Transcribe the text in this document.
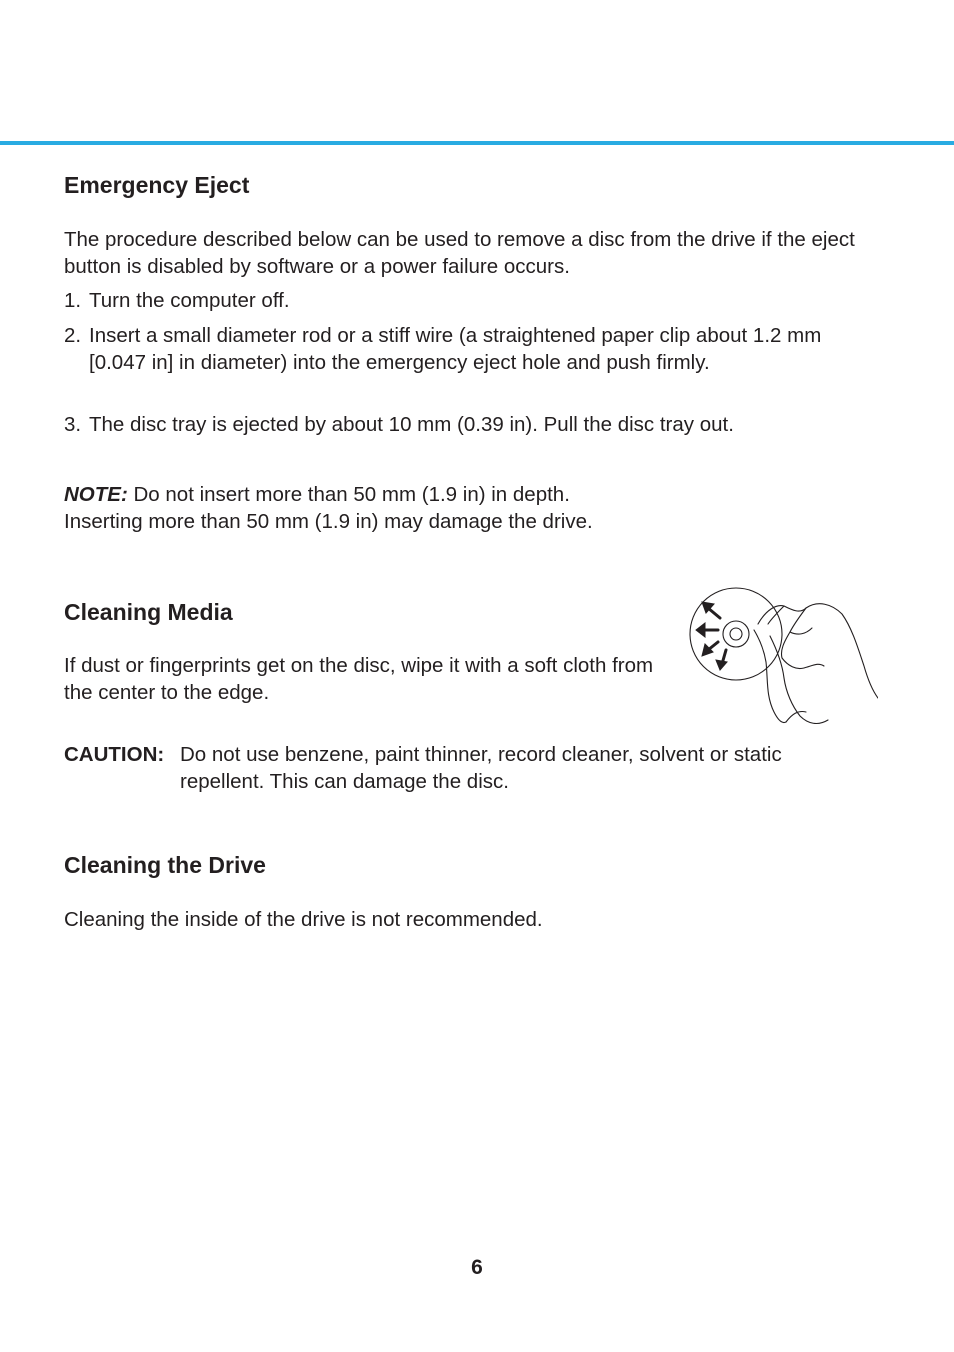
Emergency Eject

The procedure described below can be used to remove a disc from the drive if the eject button is disabled by software or a power failure occurs.

1. Turn the computer off.
2. Insert a small diameter rod or a stiff wire (a straightened paper clip about 1.2 mm [0.047 in] in diameter) into the emergency eject hole and push firmly.
3. The disc tray is ejected by about 10 mm (0.39 in). Pull the disc tray out.
NOTE: Do not insert more than 50 mm (1.9 in) in depth.
Inserting more than 50 mm (1.9 in) may damage the drive.
Cleaning Media

If dust or fingerprints get on the disc, wipe it with a soft cloth from the center to the edge.

CAUTION: Do not use benzene, paint thinner, record cleaner, solvent or static repellent. This can damage the disc.
Cleaning the Drive

Cleaning the inside of the drive is not recommended.

6
